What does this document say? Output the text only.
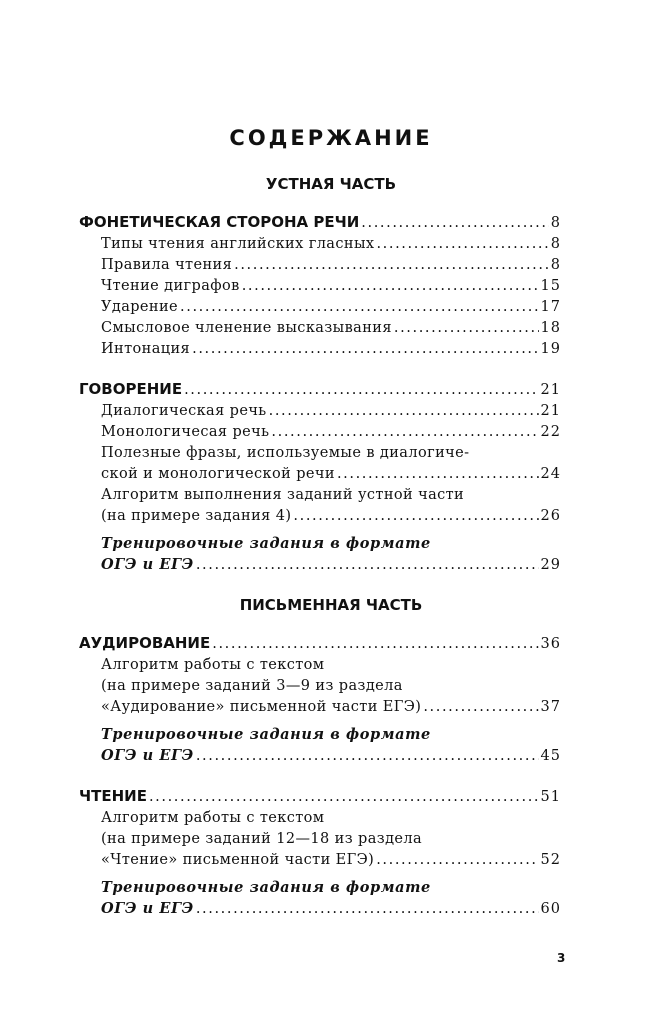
СОДЕРЖАНИЕ
УСТНАЯ ЧАСТЬ
ФОНЕТИЧЕСКАЯ СТОРОНА РЕЧИ .....	8
Типы чтения английских гласных .....	8
Правила чтения .....	8
Чтение диграфов .....	15
Ударение .....	17
Смысловое членение высказывания .....	18
Интонация .....	19
ГОВОРЕНИЕ .....	21
Диалогическая речь .....	21
Монологичесая речь .....	22
Полезные фразы, используемые в диалогиче-
ской и монологической речи .....	24
Алгоритм выполнения заданий устной части
(на примере задания 4) .....	26
Тренировочные задания в формате
ОГЭ и ЕГЭ .....	29
ПИСЬМЕННАЯ ЧАСТЬ
АУДИРОВАНИЕ .....	36
Алгоритм работы с текстом
(на примере заданий 3—9 из раздела
«Аудирование» письменной части ЕГЭ) .....	37
Тренировочные задания в формате
ОГЭ и ЕГЭ .....	45
ЧТЕНИЕ .....	51
Алгоритм работы с текстом
(на примере заданий 12—18 из раздела
«Чтение» письменной части ЕГЭ) .....	52
Тренировочные задания в формате
ОГЭ и ЕГЭ .....	60
3
